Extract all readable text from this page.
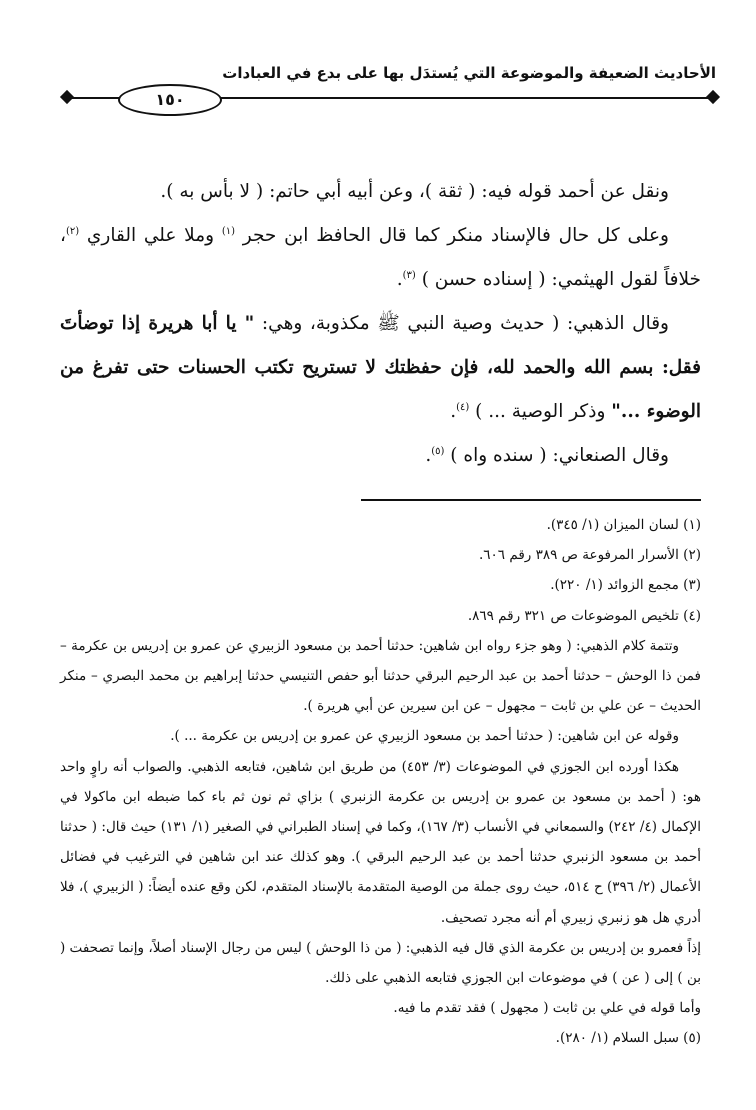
الأحاديث الضعيفة والموضوعة التي يُستدَل بها على بدع في العبادات
١٥٠

ونقل عن أحمد قوله فيه: ( ثقة )، وعن أبيه أبي حاتم: ( لا بأس به ).

وعلى كل حال فالإسناد منكر كما قال الحافظ ابن حجر $^{(١)}$ وملا علي القاري $^{(٢)}$، خلافاً لقول الهيثمي: ( إسناده حسن ) $^{(٣)}$.

وقال الذهبي: ( حديث وصية النبي ﷺ مكذوبة، وهي: " يا أبا هريرة إذا توضأتَ فقل: بسم الله والحمد لله، فإن حفظتك لا تستريح تكتب الحسنات حتى تفرغ من الوضوء ..." وذكر الوصية ... ) $^{(٤)}$.

وقال الصنعاني: ( سنده واه ) $^{(٥)}$.

(١) لسان الميزان (١/ ٣٤٥).

(٢) الأسرار المرفوعة ص ٣٨٩ رقم ٦٠٦.

(٣) مجمع الزوائد (١/ ٢٢٠).

(٤) تلخيص الموضوعات ص ٣٢١ رقم ٨٦٩.

وتتمة كلام الذهبي: ( وهو جزء رواه ابن شاهين: حدثنا أحمد بن مسعود الزبيري عن عمرو بن إدريس بن عكرمة – فمن ذا الوحش – حدثنا أحمد بن عبد الرحيم البرقي حدثنا أبو حفص التنيسي حدثنا إبراهيم بن محمد البصري – منكر الحديث – عن علي بن ثابت – مجهول – عن ابن سيرين عن أبي هريرة ).

وقوله عن ابن شاهين: ( حدثنا أحمد بن مسعود الزبيري عن عمرو بن إدريس بن عكرمة ... ).

هكذا أورده ابن الجوزي في الموضوعات (٣/ ٤٥٣) من طريق ابن شاهين، فتابعه الذهبي. والصواب أنه راوٍ واحد هو: ( أحمد بن مسعود بن عمرو بن إدريس بن عكرمة الزنبري ) بزاي ثم نون ثم باء كما ضبطه ابن ماكولا في الإكمال (٤/ ٢٤٢) والسمعاني في الأنساب (٣/ ١٦٧)، وكما في إسناد الطبراني في الصغير (١/ ١٣١) حيث قال: ( حدثنا أحمد بن مسعود الزنبري حدثنا أحمد بن عبد الرحيم البرقي ). وهو كذلك عند ابن شاهين في الترغيب في فضائل الأعمال (٢/ ٣٩٦) ح ٥١٤، حيث روى جملة من الوصية المتقدمة بالإسناد المتقدم، لكن وقع عنده أيضاً: ( الزبيري )، فلا أدري هل هو زنبري زبيري أم أنه مجرد تصحيف.

إذاً فعمرو بن إدريس بن عكرمة الذي قال فيه الذهبي: ( من ذا الوحش ) ليس من رجال الإسناد أصلاً، وإنما تصحفت ( بن ) إلى ( عن ) في موضوعات ابن الجوزي فتابعه الذهبي على ذلك.

وأما قوله في علي بن ثابت ( مجهول ) فقد تقدم ما فيه.

(٥) سبل السلام (١/ ٢٨٠).
